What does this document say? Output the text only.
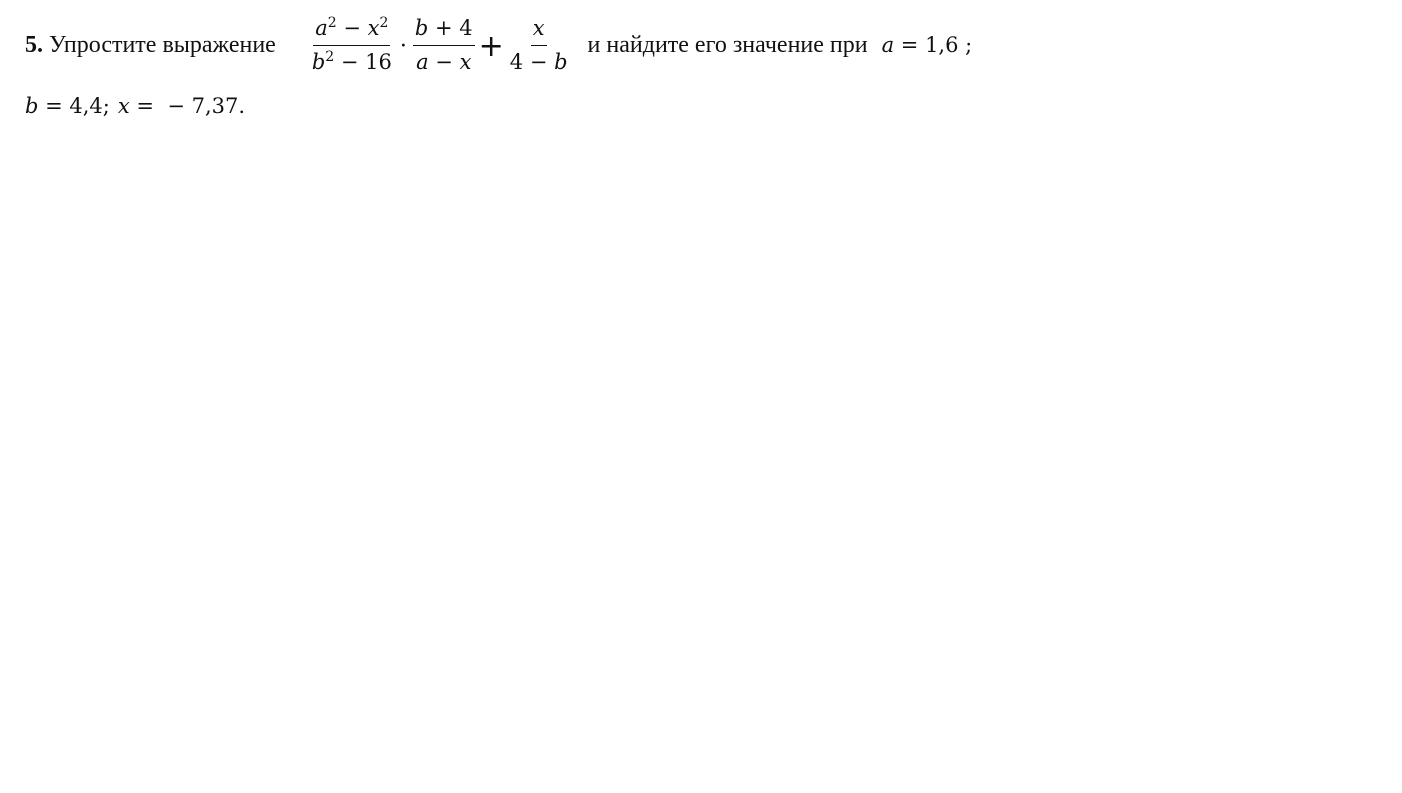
5. Упростите выражение $\frac{a^2 - x^2}{b^2 - 16} \cdot \frac{b + 4}{a - x} + \frac{x}{4 - b}$ и найдите его значение при a = 1,6 ;
b = 4,4; x =  − 7,37.
